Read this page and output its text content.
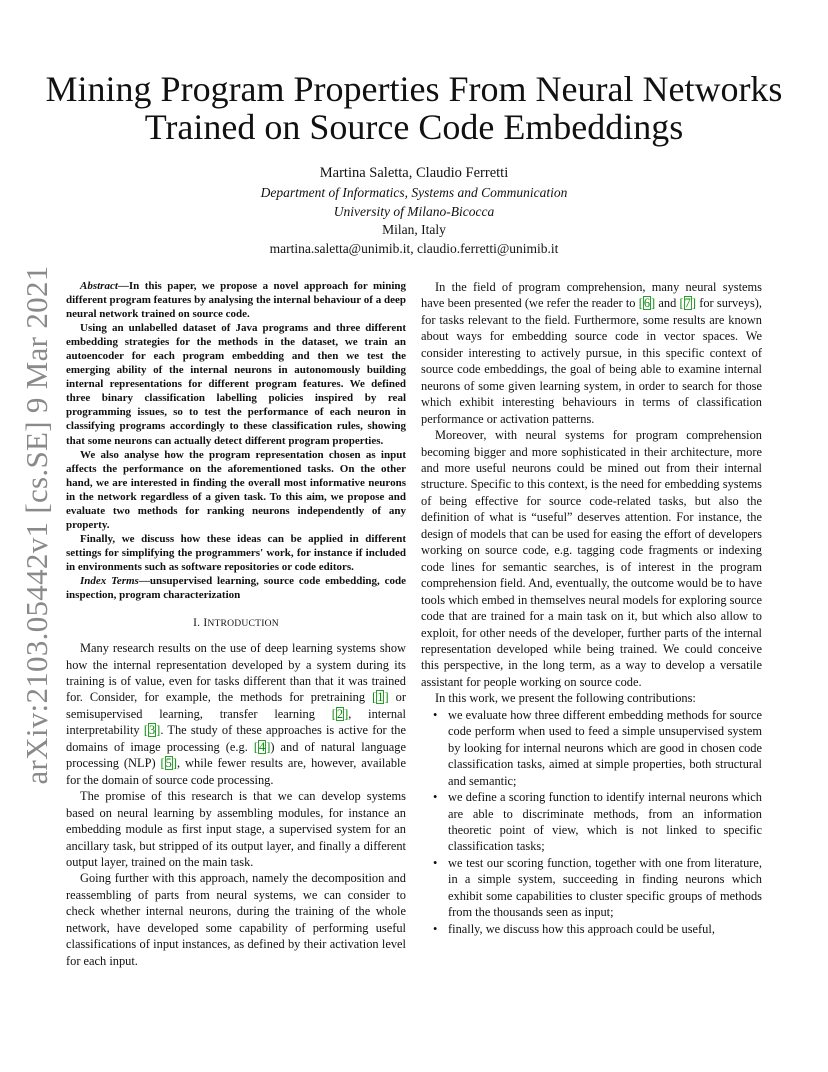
arXiv:2103.05442v1 [cs.SE] 9 Mar 2021
Mining Program Properties From Neural Networks
Trained on Source Code Embeddings
Martina Saletta, Claudio Ferretti
Department of Informatics, Systems and Communication
University of Milano-Bicocca
Milan, Italy
martina.saletta@unimib.it, claudio.ferretti@unimib.it

Abstract—In this paper, we propose a novel approach for mining different program features by analysing the internal behaviour of a deep neural network trained on source code.

Using an unlabelled dataset of Java programs and three different embedding strategies for the methods in the dataset, we train an autoencoder for each program embedding and then we test the emerging ability of the internal neurons in autonomously building internal representations for different program features. We defined three binary classification labelling policies inspired by real programming issues, so to test the performance of each neuron in classifying programs accordingly to these classification rules, showing that some neurons can actually detect different program properties.

We also analyse how the program representation chosen as input affects the performance on the aforementioned tasks. On the other hand, we are interested in finding the overall most informative neurons in the network regardless of a given task. To this aim, we propose and evaluate two methods for ranking neurons independently of any property.

Finally, we discuss how these ideas can be applied in different settings for simplifying the programmers' work, for instance if included in environments such as software repositories or code editors.

Index Terms—unsupervised learning, source code embedding, code inspection, program characterization

I. INTRODUCTION

Many research results on the use of deep learning systems show how the internal representation developed by a system during its training is of value, even for tasks different than that it was trained for. Consider, for example, the methods for pretraining [1] or semisupervised learning, transfer learning [2], internal interpretability [3]. The study of these approaches is active for the domains of image processing (e.g. [4]) and of natural language processing (NLP) [5], while fewer results are, however, available for the domain of source code processing.

The promise of this research is that we can develop systems based on neural learning by assembling modules, for instance an embedding module as first input stage, a supervised system for an ancillary task, but stripped of its output layer, and finally a different output layer, trained on the main task.

Going further with this approach, namely the decomposition and reassembling of parts from neural systems, we can consider to check whether internal neurons, during the training of the whole network, have developed some capability of performing useful classifications of input instances, as defined by their activation level for each input.

In the field of program comprehension, many neural systems have been presented (we refer the reader to [6] and [7] for surveys), for tasks relevant to the field. Furthermore, some results are known about ways for embedding source code in vector spaces. We consider interesting to actively pursue, in this specific context of source code embeddings, the goal of being able to examine internal neurons of some given learning system, in order to search for those which exhibit interesting behaviours in terms of classification performance or activation patterns.

Moreover, with neural systems for program comprehension becoming bigger and more sophisticated in their architecture, more and more useful neurons could be mined out from their internal structure. Specific to this context, is the need for embedding systems of being effective for source code-related tasks, but also the definition of what is “useful” deserves attention. For instance, the design of models that can be used for easing the effort of developers working on source code, e.g. tagging code fragments or indexing code lines for semantic searches, is of interest in the program comprehension field. And, eventually, the outcome would be to have tools which embed in themselves neural models for exploring source code that are trained for a main task on it, but which also allow to exploit, for other needs of the developer, further parts of the internal representation developed while being trained. We could conceive this perspective, in the long term, as a way to develop a versatile assistant for people working on source code.

In this work, we present the following contributions:

• we evaluate how three different embedding methods for source code perform when used to feed a simple unsupervised system by looking for internal neurons which are good in chosen code classification tasks, aimed at simple properties, both structural and semantic;
• we define a scoring function to identify internal neurons which are able to discriminate methods, from an information theoretic point of view, which is not linked to specific classification tasks;
• we test our scoring function, together with one from literature, in a simple system, succeeding in finding neurons which exhibit some capabilities to cluster specific groups of methods from the thousands seen as input;
• finally, we discuss how this approach could be useful,
